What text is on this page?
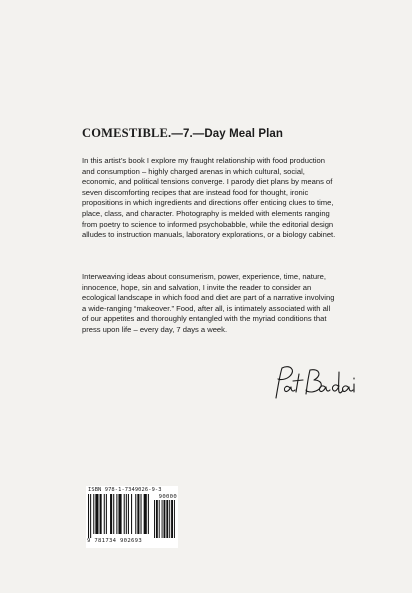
COMESTIBLE.—7.—Day Meal Plan

In this artist’s book I explore my fraught relationship with food production and consumption – highly charged arenas in which cultural, social, economic, and political tensions converge. I parody diet plans by means of seven discomforting recipes that are instead food for thought, ironic propositions in which ingredients and directions offer enticing clues to time, place, class, and character. Photography is melded with elements ranging from poetry to science to informed psychobabble, while the editorial design alludes to instruction manuals, laboratory explorations, or a biology cabinet.

Interweaving ideas about consumerism, power, experience, time, nature, innocence, hope, sin and salvation, I invite the reader to consider an ecological landscape in which food and diet are part of a narrative involving a wide-ranging “makeover.” Food, after all, is intimately associated with all of our appetites and thoroughly entangled with the myriad conditions that press upon life – every day, 7 days a week.

ISBN 978-1-7349026-9-3
9 781734 902693
90000
